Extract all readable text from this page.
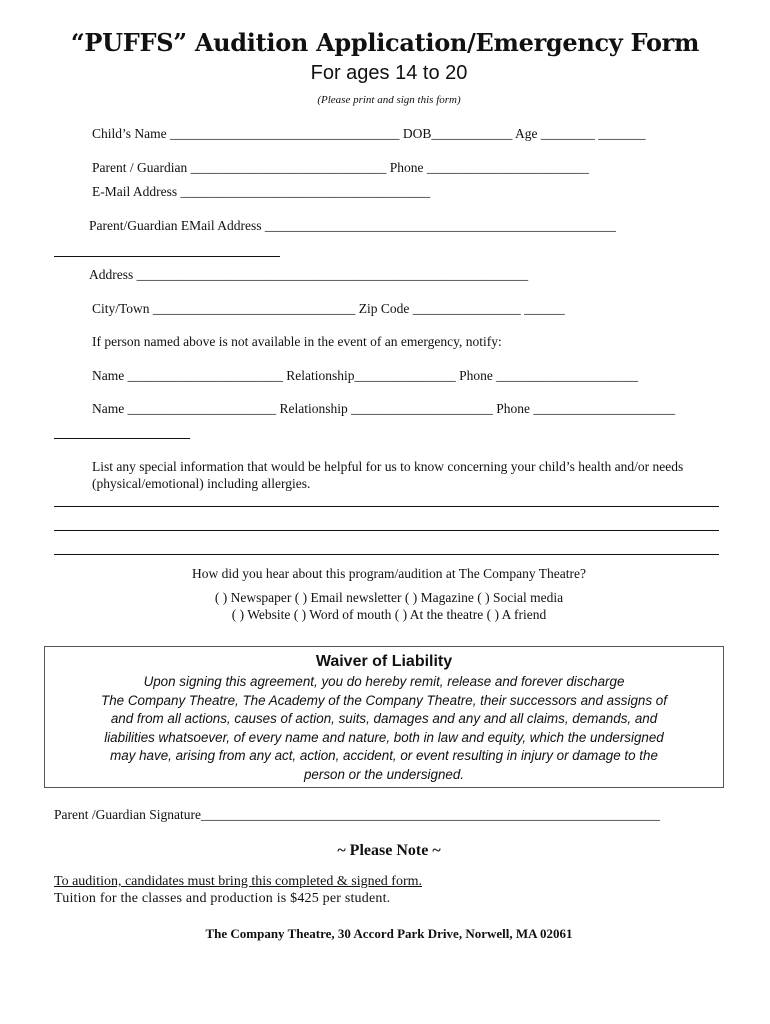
“PUFFS” Audition Application/Emergency Form
For ages 14 to 20
(Please print and sign this form)
Child’s Name __________________________________ DOB____________ Age ________ _______
Parent / Guardian _____________________________ Phone ________________________
E-Mail Address _____________________________________
Parent/Guardian EMail Address ____________________________________________________
Address __________________________________________________________
City/Town ______________________________ Zip Code ________________ ______
If person named above is not available in the event of an emergency, notify:
Name _______________________ Relationship_______________ Phone _____________________
Name ______________________ Relationship _____________________ Phone _____________________
List any special information that would be helpful for us to know concerning your child’s health and/or needs
(physical/emotional) including allergies.
How did you hear about this program/audition at The Company Theatre?
( ) Newspaper ( ) Email newsletter ( ) Magazine ( ) Social media
( ) Website ( ) Word of mouth ( ) At the theatre ( ) A friend
Waiver of Liability
Upon signing this agreement, you do hereby remit, release and forever discharge
The Company Theatre, The Academy of the Company Theatre, their successors and assigns of
and from all actions, causes of action, suits, damages and any and all claims, demands, and
liabilities whatsoever, of every name and nature, both in law and equity, which the undersigned
may have, arising from any act, action, accident, or event resulting in injury or damage to the
person or the undersigned.
Parent /Guardian Signature____________________________________________________________________
~ Please Note ~
To audition, candidates must bring this completed & signed form.
Tuition for the classes and production is $425 per student.
The Company Theatre, 30 Accord Park Drive, Norwell, MA 02061
